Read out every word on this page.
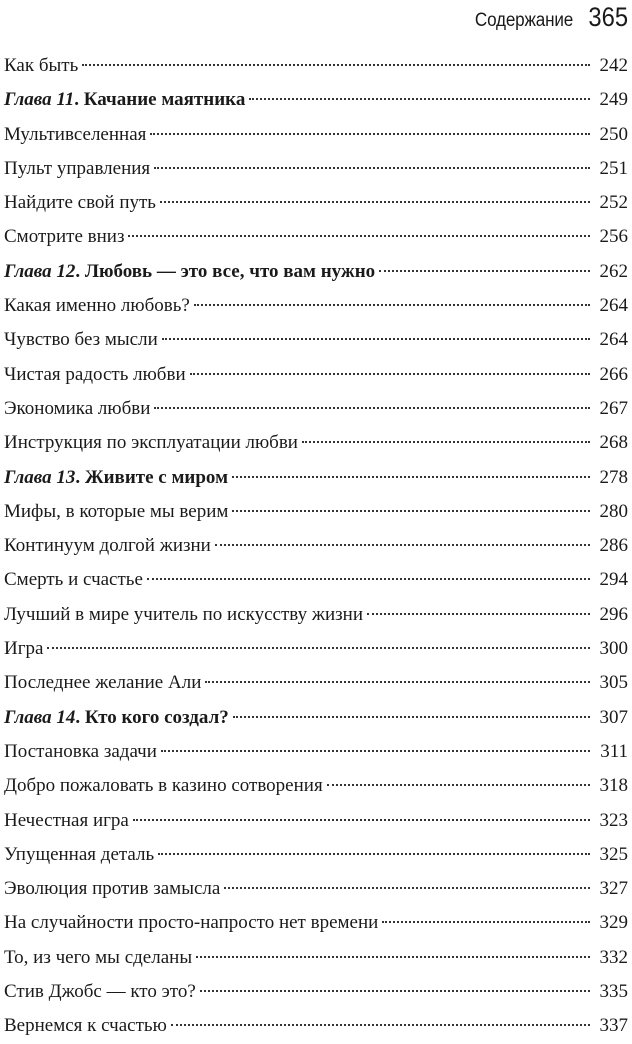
Содержание 365
Как быть	242
Глава 11. Качание маятника	249
Мультивселенная	250
Пульт управления	251
Найдите свой путь	252
Смотрите вниз	256
Глава 12. Любовь — это все, что вам нужно	262
Какая именно любовь?	264
Чувство без мысли	264
Чистая радость любви	266
Экономика любви	267
Инструкция по эксплуатации любви	268
Глава 13. Живите с миром	278
Мифы, в которые мы верим	280
Континуум долгой жизни	286
Смерть и счастье	294
Лучший в мире учитель по искусству жизни	296
Игра	300
Последнее желание Али	305
Глава 14. Кто кого создал?	307
Постановка задачи	311
Добро пожаловать в казино сотворения	318
Нечестная игра	323
Упущенная деталь	325
Эволюция против замысла	327
На случайности просто-напросто нет времени	329
То, из чего мы сделаны	332
Стив Джобс — кто это?	335
Вернемся к счастью	337
